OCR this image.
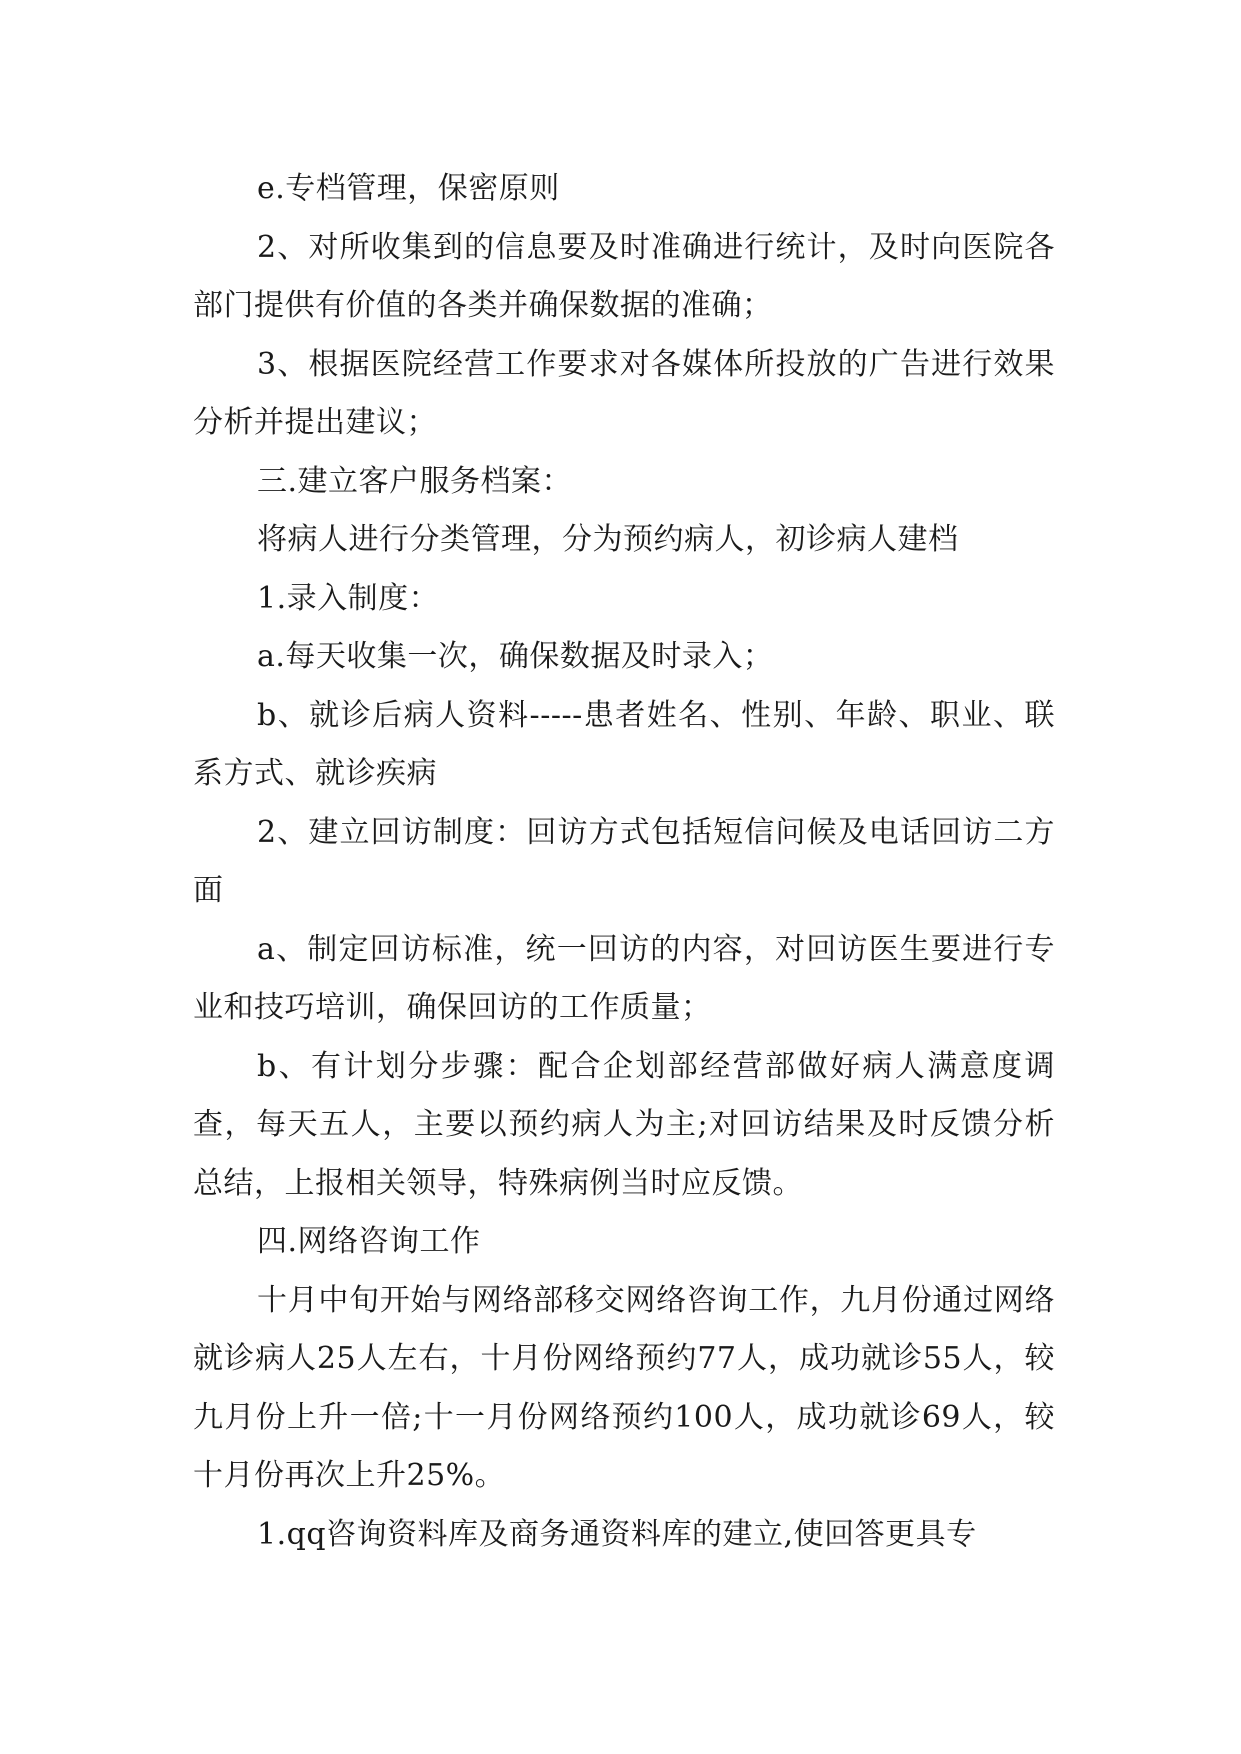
e.专档管理，保密原则

2、对所收集到的信息要及时准确进行统计，及时向医院各部门提供有价值的各类并确保数据的准确；

3、根据医院经营工作要求对各媒体所投放的广告进行效果分析并提出建议；

三.建立客户服务档案：

将病人进行分类管理，分为预约病人，初诊病人建档

1.录入制度：

a.每天收集一次，确保数据及时录入；

b、就诊后病人资料-----患者姓名、性别、年龄、职业、联系方式、就诊疾病

2、建立回访制度：回访方式包括短信问候及电话回访二方面

a、制定回访标准，统一回访的内容，对回访医生要进行专业和技巧培训，确保回访的工作质量；

b、有计划分步骤：配合企划部经营部做好病人满意度调查，每天五人，主要以预约病人为主;对回访结果及时反馈分析总结，上报相关领导，特殊病例当时应反馈。

四.网络咨询工作

十月中旬开始与网络部移交网络咨询工作，九月份通过网络就诊病人25人左右，十月份网络预约77人，成功就诊55人，较九月份上升一倍;十一月份网络预约100人，成功就诊69人，较十月份再次上升25%。

1.qq咨询资料库及商务通资料库的建立,使回答更具专
